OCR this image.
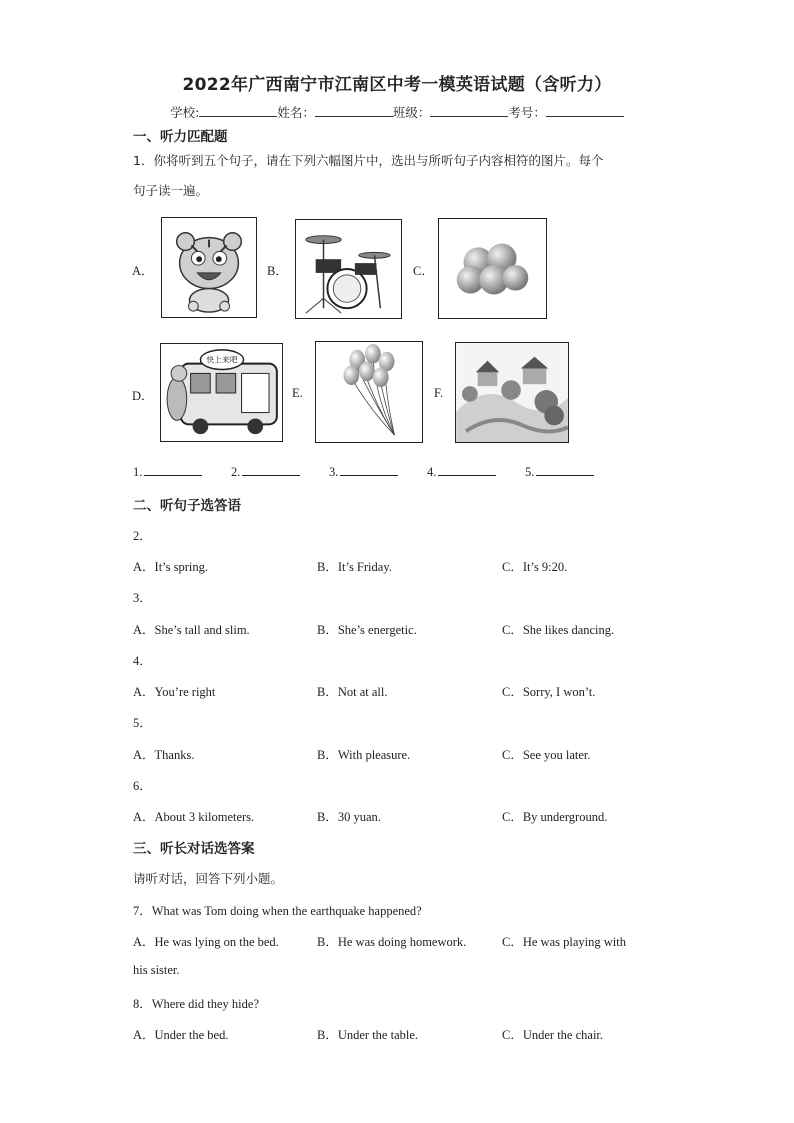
2022年广西南宁市江南区中考一模英语试题（含听力）
学校:	姓名：	班级：	考号：
一、听力匹配题
1．你将听到五个句子，请在下列六幅图片中，选出与所听句子内容相符的图片。每个
句子读一遍。
A．	B．	C．
D．
快上来吧
E.	F.
1.	2.	3.	4.	5.
二、听句子选答语
2．
A．It’s spring.	B．It’s Friday.	C．It’s 9:20.
3．
A．She’s tall and slim.	B．She’s energetic.	C．She likes dancing.
4．
A．You’re right	B．Not at all.	C．Sorry, I won’t.
5．
A．Thanks.	B．With pleasure.	C．See you later.
6．
A．About 3 kilometers.	B．30 yuan.	C．By underground.
三、听长对话选答案
请听对话，回答下列小题。
7．What was Tom doing when the earthquake happened?
A．He was lying on the bed.	B．He was doing homework.	C．He was playing with
his sister.
8．Where did they hide?
A．Under the bed.	B．Under the table.	C．Under the chair.
